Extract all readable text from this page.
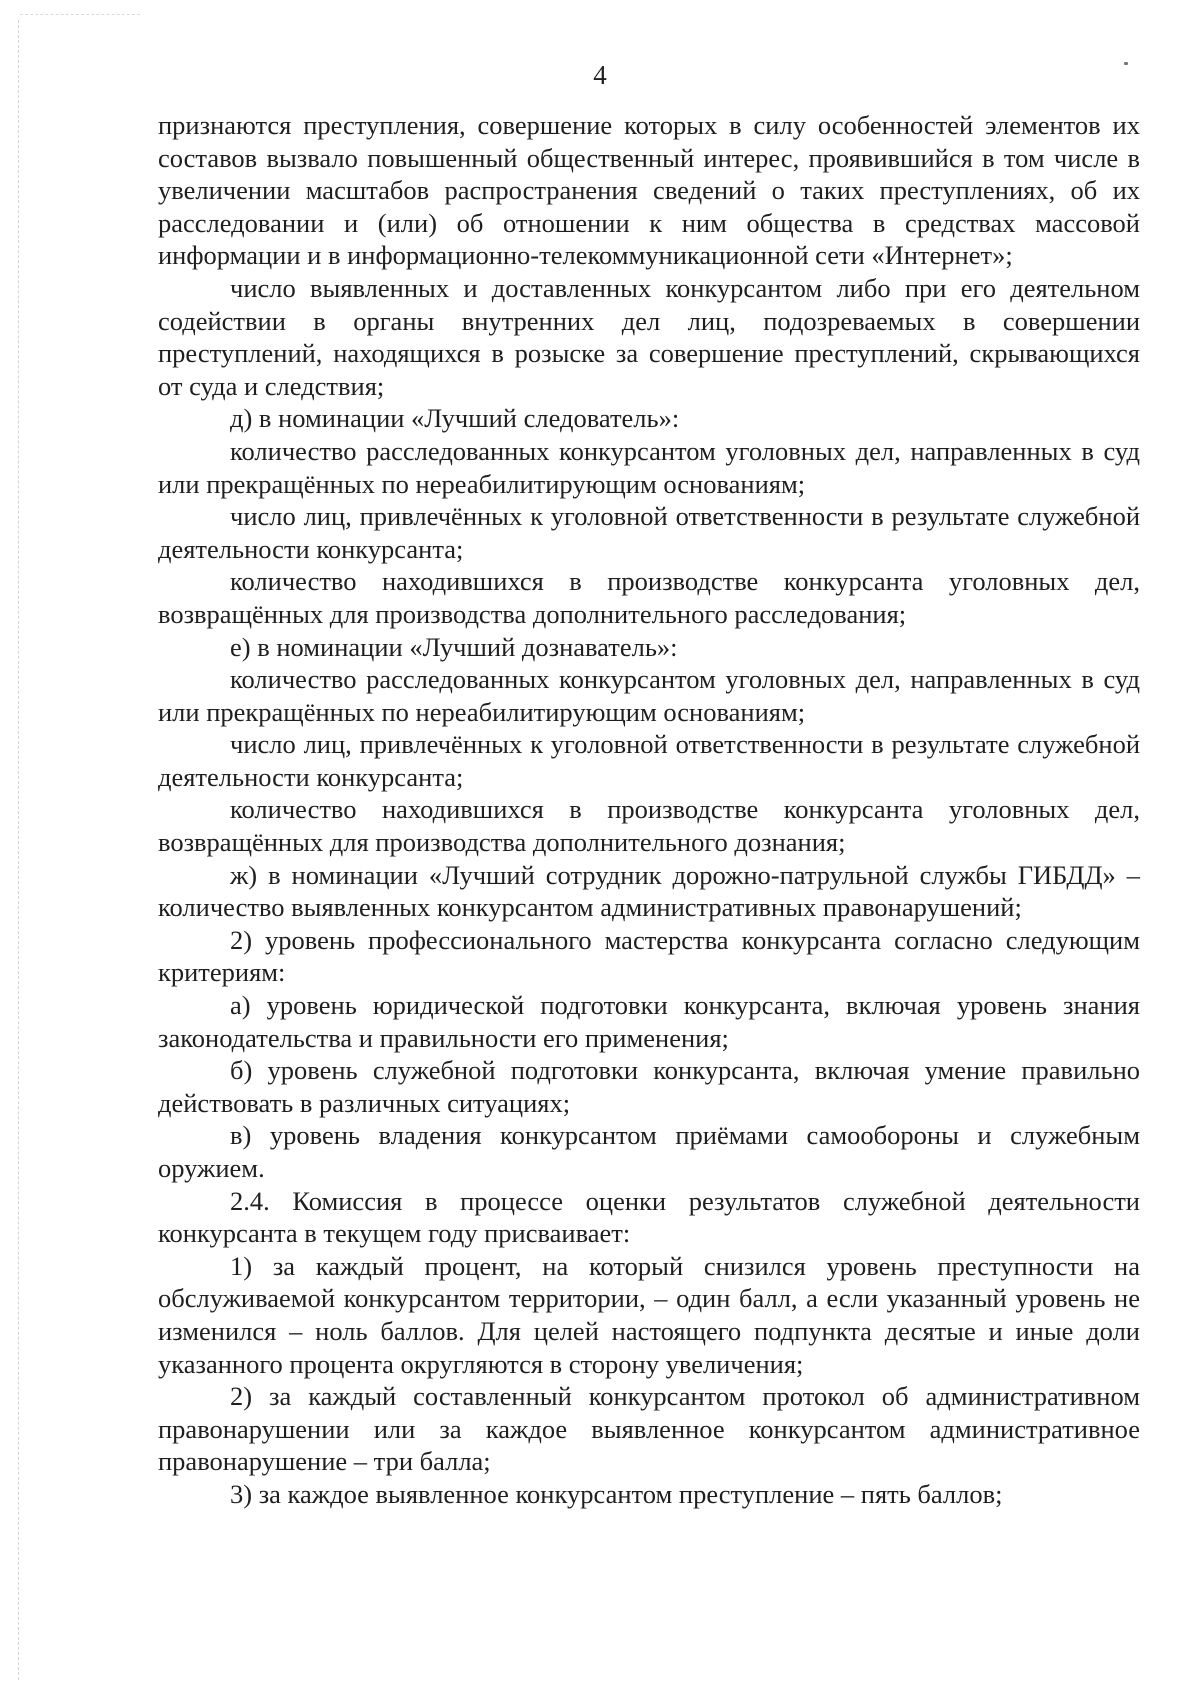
4

признаются преступления, совершение которых в силу особенностей элементов их составов вызвало повышенный общественный интерес, проявившийся в том числе в увеличении масштабов распространения сведений о таких преступлениях, об их расследовании и (или) об отношении к ним общества в средствах массовой информации и в информационно-телекоммуникационной сети «Интернет»;

число выявленных и доставленных конкурсантом либо при его деятельном содействии в органы внутренних дел лиц, подозреваемых в совершении преступлений, находящихся в розыске за совершение преступлений, скрывающихся от суда и следствия;

д) в номинации «Лучший следователь»:

количество расследованных конкурсантом уголовных дел, направленных в суд или прекращённых по нереабилитирующим основаниям;

число лиц, привлечённых к уголовной ответственности в результате служебной деятельности конкурсанта;

количество находившихся в производстве конкурсанта уголовных дел, возвращённых для производства дополнительного расследования;

е) в номинации «Лучший дознаватель»:

количество расследованных конкурсантом уголовных дел, направленных в суд или прекращённых по нереабилитирующим основаниям;

число лиц, привлечённых к уголовной ответственности в результате служебной деятельности конкурсанта;

количество находившихся в производстве конкурсанта уголовных дел, возвращённых для производства дополнительного дознания;

ж) в номинации «Лучший сотрудник дорожно-патрульной службы ГИБДД» – количество выявленных конкурсантом административных правонарушений;

2) уровень профессионального мастерства конкурсанта согласно следующим критериям:

а) уровень юридической подготовки конкурсанта, включая уровень знания законодательства и правильности его применения;

б) уровень служебной подготовки конкурсанта, включая умение правильно действовать в различных ситуациях;

в) уровень владения конкурсантом приёмами самообороны и служебным оружием.

2.4. Комиссия в процессе оценки результатов служебной деятельности конкурсанта в текущем году присваивает:

1) за каждый процент, на который снизился уровень преступности на обслуживаемой конкурсантом территории, – один балл, а если указанный уровень не изменился – ноль баллов. Для целей настоящего подпункта десятые и иные доли указанного процента округляются в сторону увеличения;

2) за каждый составленный конкурсантом протокол об административном правонарушении или за каждое выявленное конкурсантом административное правонарушение – три балла;

3) за каждое выявленное конкурсантом преступление – пять баллов;
